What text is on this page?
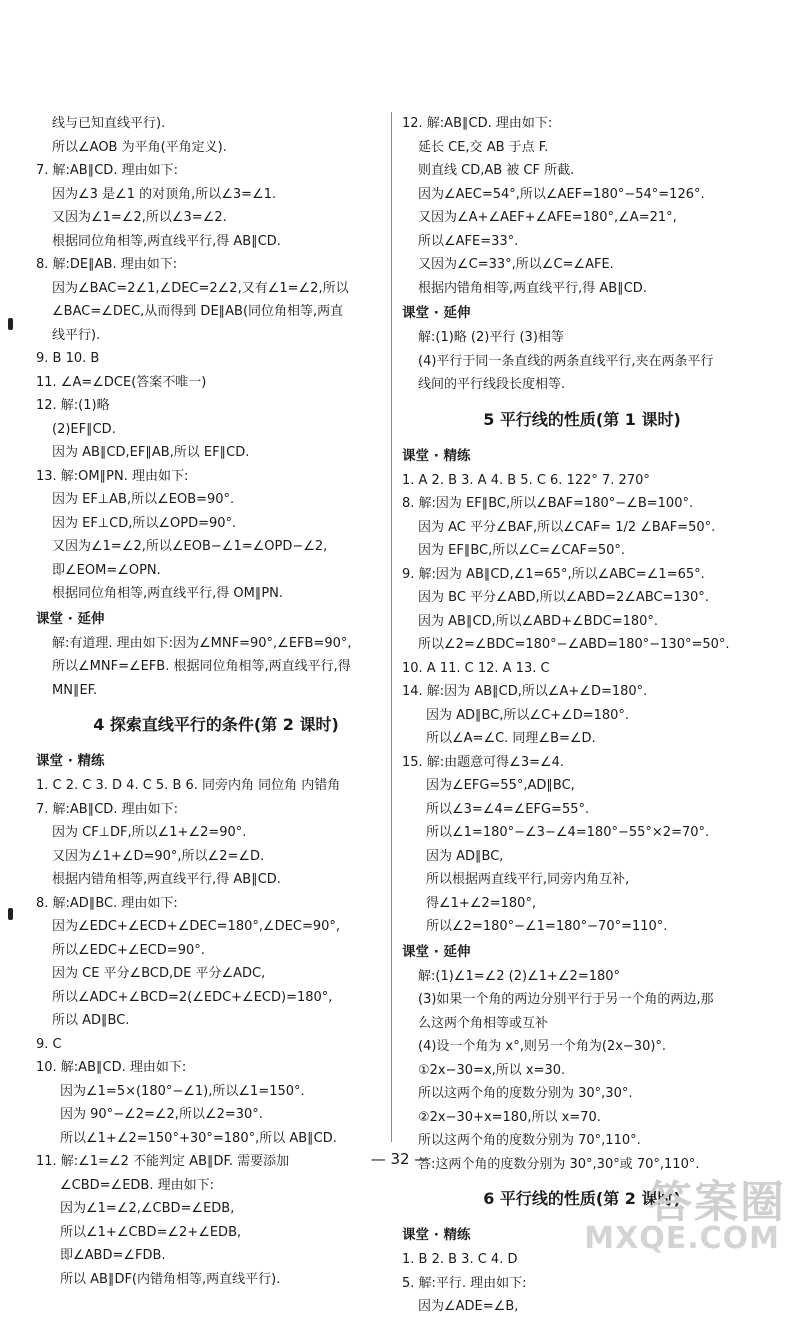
线与已知直线平行).
所以∠AOB 为平角(平角定义).
7. 解:AB∥CD. 理由如下:
因为∠3 是∠1 的对顶角,所以∠3=∠1.
又因为∠1=∠2,所以∠3=∠2.
根据同位角相等,两直线平行,得 AB∥CD.
8. 解:DE∥AB. 理由如下:
因为∠BAC=2∠1,∠DEC=2∠2,又有∠1=∠2,所以
∠BAC=∠DEC,从而得到 DE∥AB(同位角相等,两直
线平行).
9. B 10. B
11. ∠A=∠DCE(答案不唯一)
12. 解:(1)略
(2)EF∥CD.
因为 AB∥CD,EF∥AB,所以 EF∥CD.
13. 解:OM∥PN. 理由如下:
因为 EF⊥AB,所以∠EOB=90°.
因为 EF⊥CD,所以∠OPD=90°.
又因为∠1=∠2,所以∠EOB−∠1=∠OPD−∠2,
即∠EOM=∠OPN.
根据同位角相等,两直线平行,得 OM∥PN.
课堂 · 延伸
解:有道理. 理由如下:因为∠MNF=90°,∠EFB=90°,
所以∠MNF=∠EFB. 根据同位角相等,两直线平行,得
MN∥EF.
4 探索直线平行的条件(第 2 课时)
课堂 · 精练
1. C 2. C 3. D 4. C 5. B 6. 同旁内角 同位角 内错角
7. 解:AB∥CD. 理由如下:
因为 CF⊥DF,所以∠1+∠2=90°.
又因为∠1+∠D=90°,所以∠2=∠D.
根据内错角相等,两直线平行,得 AB∥CD.
8. 解:AD∥BC. 理由如下:
因为∠EDC+∠ECD+∠DEC=180°,∠DEC=90°,
所以∠EDC+∠ECD=90°.
因为 CE 平分∠BCD,DE 平分∠ADC,
所以∠ADC+∠BCD=2(∠EDC+∠ECD)=180°,
所以 AD∥BC.
9. C
10. 解:AB∥CD. 理由如下:
因为∠1=5×(180°−∠1),所以∠1=150°.
因为 90°−∠2=∠2,所以∠2=30°.
所以∠1+∠2=150°+30°=180°,所以 AB∥CD.
11. 解:∠1=∠2 不能判定 AB∥DF. 需要添加
∠CBD=∠EDB. 理由如下:
因为∠1=∠2,∠CBD=∠EDB,
所以∠1+∠CBD=∠2+∠EDB,
即∠ABD=∠FDB.
所以 AB∥DF(内错角相等,两直线平行).
12. 解:AB∥CD. 理由如下:
延长 CE,交 AB 于点 F.
则直线 CD,AB 被 CF 所截.
因为∠AEC=54°,所以∠AEF=180°−54°=126°.
又因为∠A+∠AEF+∠AFE=180°,∠A=21°,
所以∠AFE=33°.
又因为∠C=33°,所以∠C=∠AFE.
根据内错角相等,两直线平行,得 AB∥CD.
课堂 · 延伸
解:(1)略 (2)平行 (3)相等
(4)平行于同一条直线的两条直线平行,夹在两条平行
线间的平行线段长度相等.
5 平行线的性质(第 1 课时)
课堂 · 精练
1. A 2. B 3. A 4. B 5. C 6. 122° 7. 270°
8. 解:因为 EF∥BC,所以∠BAF=180°−∠B=100°.
因为 AC 平分∠BAF,所以∠CAF= 1/2 ∠BAF=50°.
因为 EF∥BC,所以∠C=∠CAF=50°.
9. 解:因为 AB∥CD,∠1=65°,所以∠ABC=∠1=65°.
因为 BC 平分∠ABD,所以∠ABD=2∠ABC=130°.
因为 AB∥CD,所以∠ABD+∠BDC=180°.
所以∠2=∠BDC=180°−∠ABD=180°−130°=50°.
10. A 11. C 12. A 13. C
14. 解:因为 AB∥CD,所以∠A+∠D=180°.
因为 AD∥BC,所以∠C+∠D=180°.
所以∠A=∠C. 同理∠B=∠D.
15. 解:由题意可得∠3=∠4.
因为∠EFG=55°,AD∥BC,
所以∠3=∠4=∠EFG=55°.
所以∠1=180°−∠3−∠4=180°−55°×2=70°.
因为 AD∥BC,
所以根据两直线平行,同旁内角互补,
得∠1+∠2=180°,
所以∠2=180°−∠1=180°−70°=110°.
课堂 · 延伸
解:(1)∠1=∠2 (2)∠1+∠2=180°
(3)如果一个角的两边分别平行于另一个角的两边,那
么这两个角相等或互补
(4)设一个角为 x°,则另一个角为(2x−30)°.
①2x−30=x,所以 x=30.
所以这两个角的度数分别为 30°,30°.
②2x−30+x=180,所以 x=70.
所以这两个角的度数分别为 70°,110°.
答:这两个角的度数分别为 30°,30°或 70°,110°.
6 平行线的性质(第 2 课时)
课堂 · 精练
1. B 2. B 3. C 4. D
5. 解:平行. 理由如下:
因为∠ADE=∠B,
— 32 —
答案圈
MXQE.COM
